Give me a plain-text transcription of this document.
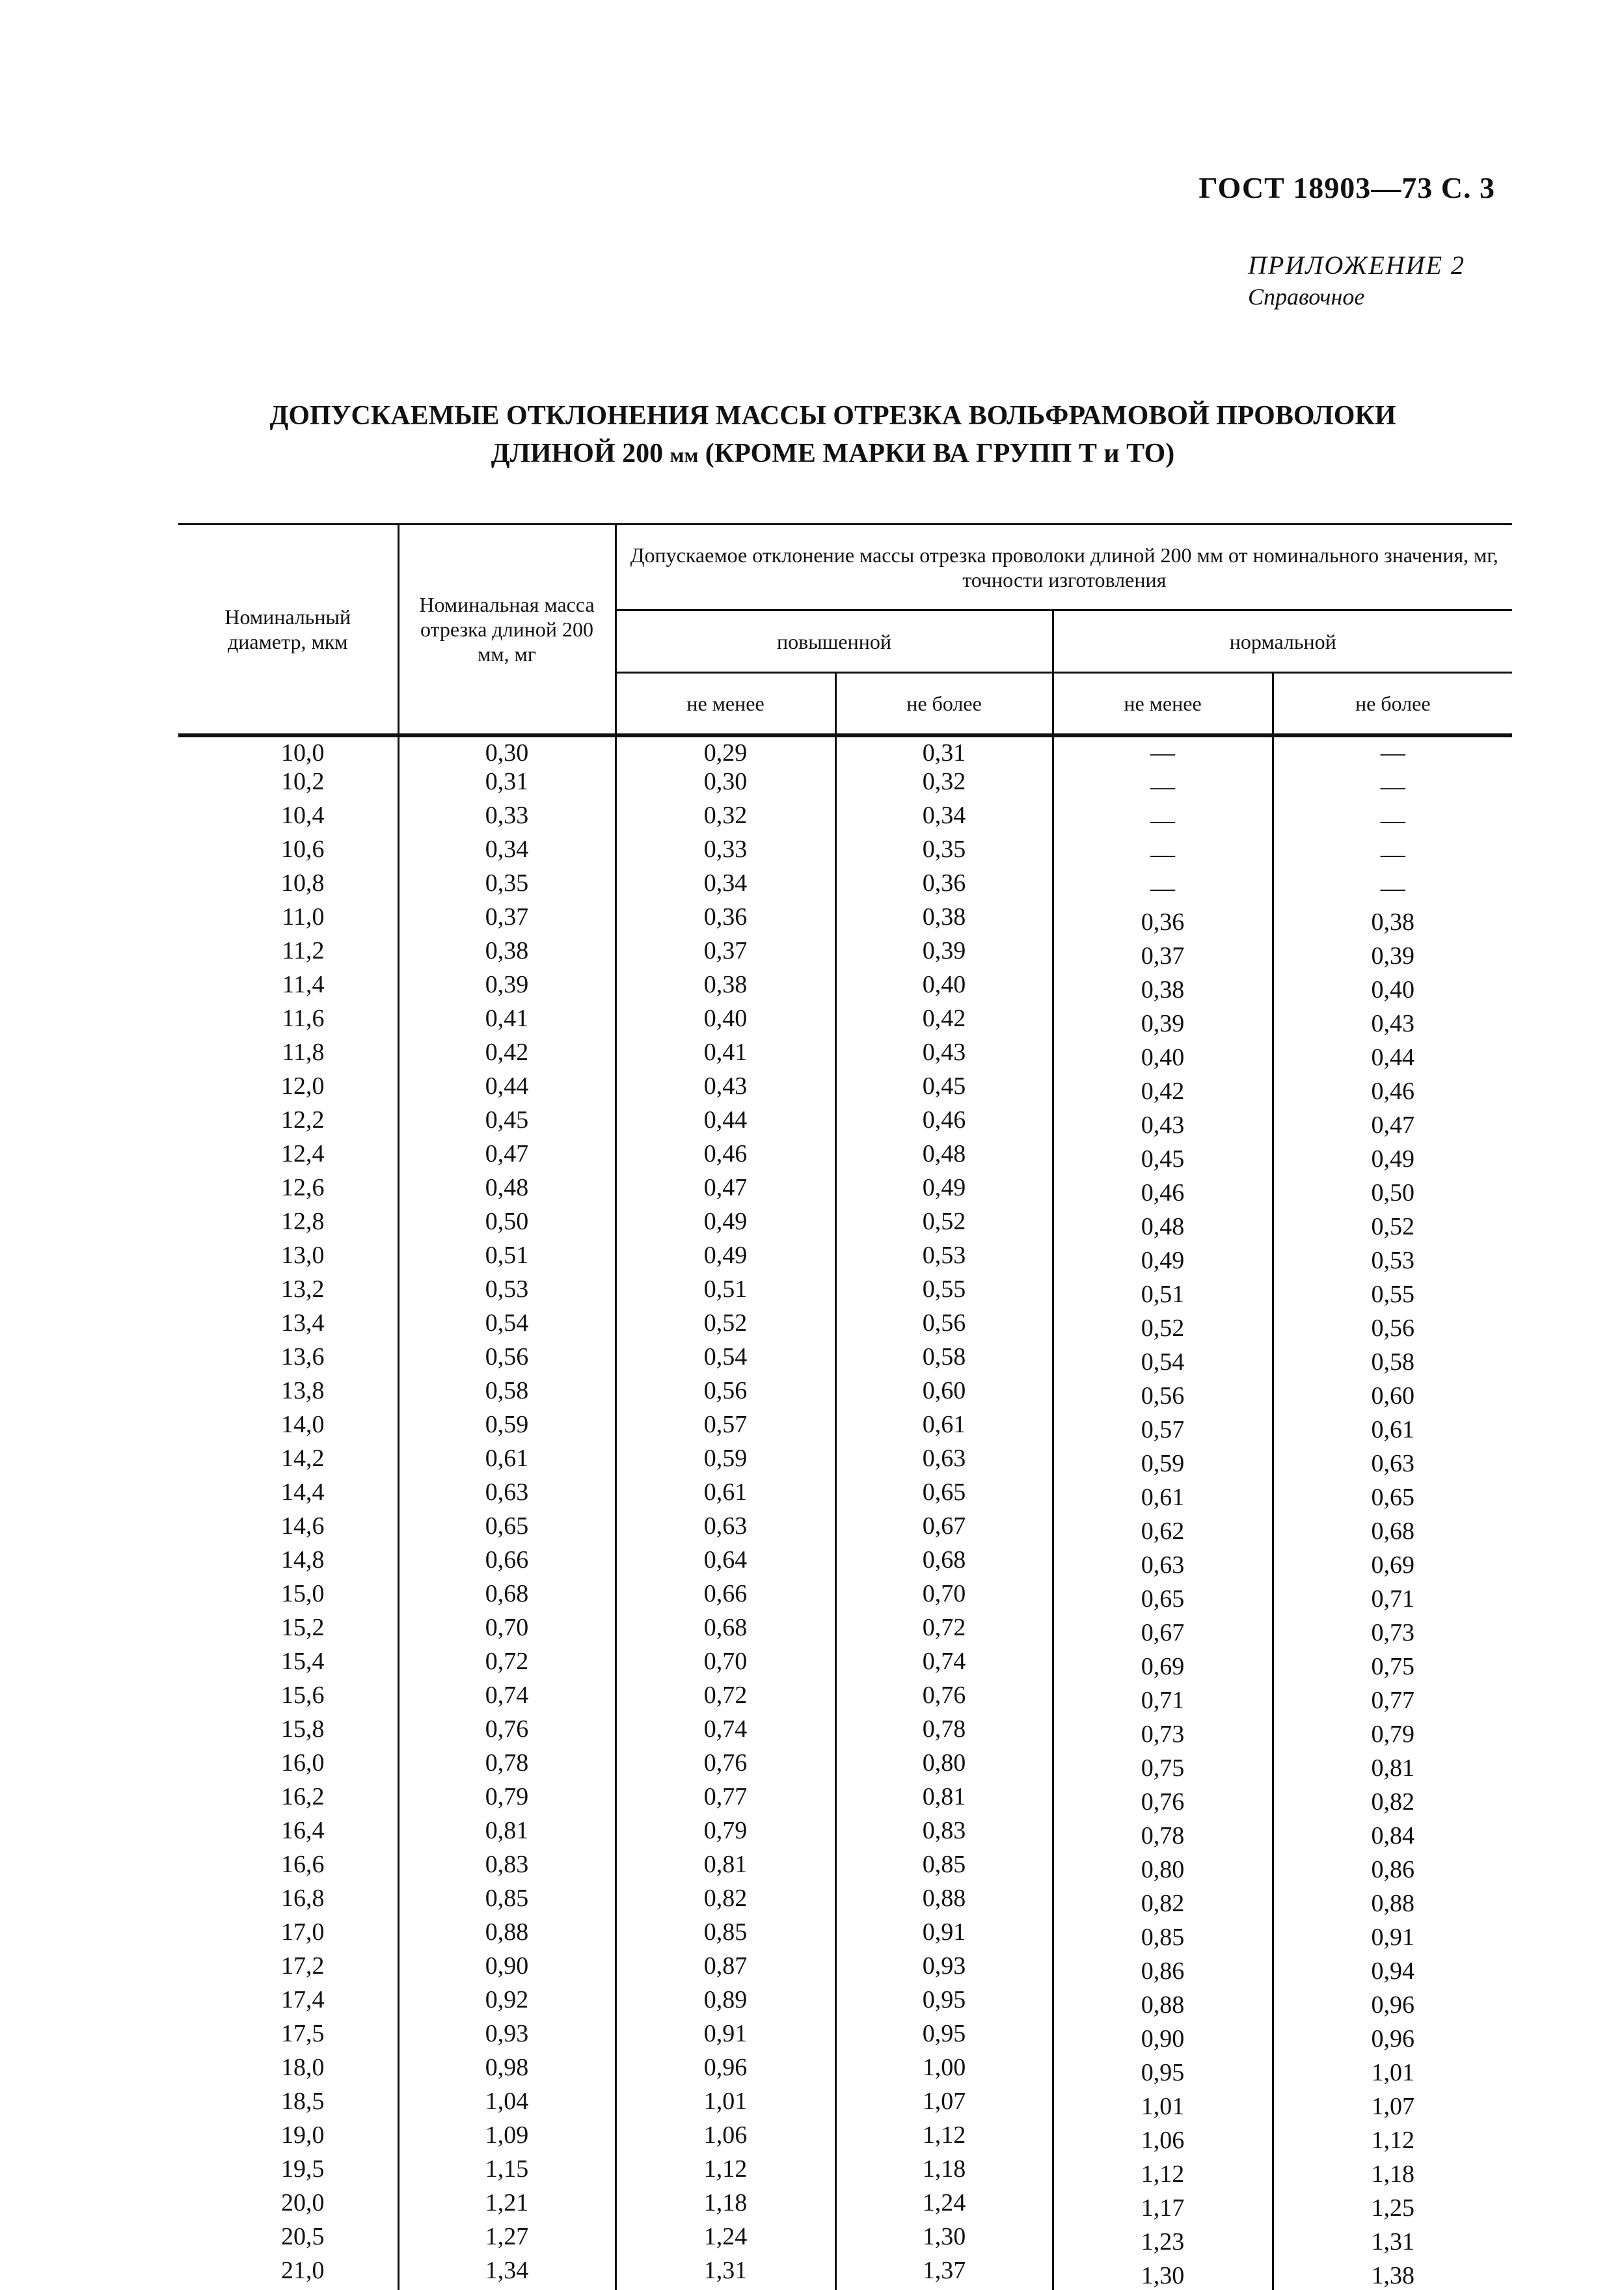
ГОСТ 18903—73 С. 3
ПРИЛОЖЕНИЕ 2
Справочное
ДОПУСКАЕМЫЕ ОТКЛОНЕНИЯ МАССЫ ОТРЕЗКА ВОЛЬФРАМОВОЙ ПРОВОЛОКИ
ДЛИНОЙ 200 мм (КРОМЕ МАРКИ ВА ГРУПП Т и ТО)
Номинальный диаметр, мкм	Номинальная масса отрезка длиной 200 мм, мг	Допускаемое отклонение массы отрезка проволоки длиной 200 мм от номинального значения, мг, точности изготовления			
		повышенной		нормальной	
		не менее	не более	не менее	не более
10,0	0,30	0,29	0,31	—	—
10,2	0,31	0,30	0,32	—	—
10,4	0,33	0,32	0,34	—	—
10,6	0,34	0,33	0,35	—	—
10,8	0,35	0,34	0,36	—	—
11,0	0,37	0,36	0,38	0,36	0,38
11,2	0,38	0,37	0,39	0,37	0,39
11,4	0,39	0,38	0,40	0,38	0,40
11,6	0,41	0,40	0,42	0,39	0,43
11,8	0,42	0,41	0,43	0,40	0,44
12,0	0,44	0,43	0,45	0,42	0,46
12,2	0,45	0,44	0,46	0,43	0,47
12,4	0,47	0,46	0,48	0,45	0,49
12,6	0,48	0,47	0,49	0,46	0,50
12,8	0,50	0,49	0,52	0,48	0,52
13,0	0,51	0,49	0,53	0,49	0,53
13,2	0,53	0,51	0,55	0,51	0,55
13,4	0,54	0,52	0,56	0,52	0,56
13,6	0,56	0,54	0,58	0,54	0,58
13,8	0,58	0,56	0,60	0,56	0,60
14,0	0,59	0,57	0,61	0,57	0,61
14,2	0,61	0,59	0,63	0,59	0,63
14,4	0,63	0,61	0,65	0,61	0,65
14,6	0,65	0,63	0,67	0,62	0,68
14,8	0,66	0,64	0,68	0,63	0,69
15,0	0,68	0,66	0,70	0,65	0,71
15,2	0,70	0,68	0,72	0,67	0,73
15,4	0,72	0,70	0,74	0,69	0,75
15,6	0,74	0,72	0,76	0,71	0,77
15,8	0,76	0,74	0,78	0,73	0,79
16,0	0,78	0,76	0,80	0,75	0,81
16,2	0,79	0,77	0,81	0,76	0,82
16,4	0,81	0,79	0,83	0,78	0,84
16,6	0,83	0,81	0,85	0,80	0,86
16,8	0,85	0,82	0,88	0,82	0,88
17,0	0,88	0,85	0,91	0,85	0,91
17,2	0,90	0,87	0,93	0,86	0,94
17,4	0,92	0,89	0,95	0,88	0,96
17,5	0,93	0,91	0,95	0,90	0,96
18,0	0,98	0,96	1,00	0,95	1,01
18,5	1,04	1,01	1,07	1,01	1,07
19,0	1,09	1,06	1,12	1,06	1,12
19,5	1,15	1,12	1,18	1,12	1,18
20,0	1,21	1,18	1,24	1,17	1,25
20,5	1,27	1,24	1,30	1,23	1,31
21,0	1,34	1,31	1,37	1,30	1,38
